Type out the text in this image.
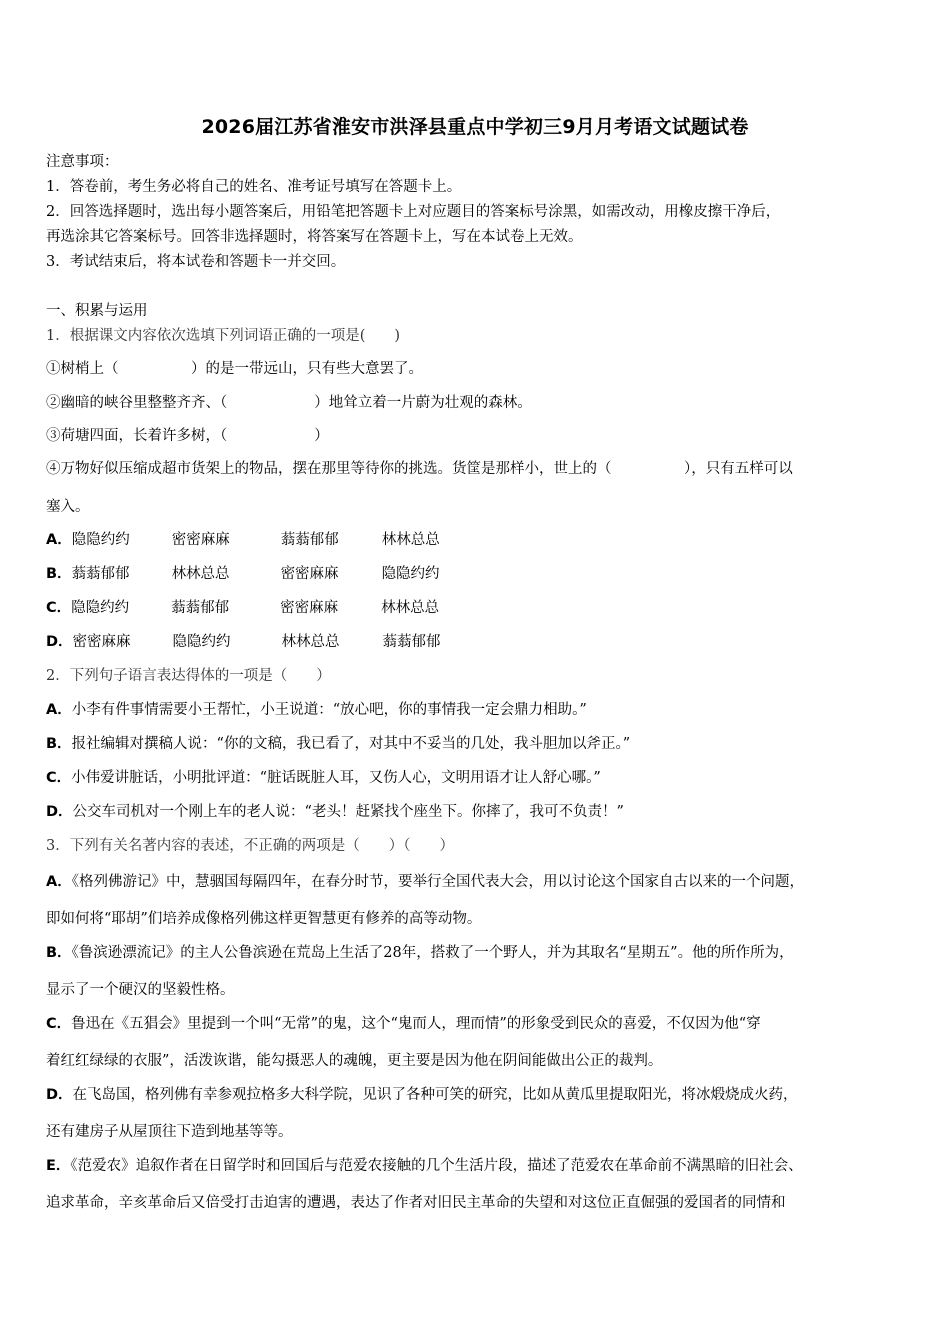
2026届江苏省淮安市洪泽县重点中学初三9月月考语文试题试卷
注意事项：
1．答卷前，考生务必将自己的姓名、准考证号填写在答题卡上。
2．回答选择题时，选出每小题答案后，用铅笔把答题卡上对应题目的答案标号涂黑，如需改动，用橡皮擦干净后，
再选涂其它答案标号。回答非选择题时，将答案写在答题卡上，写在本试卷上无效。
3．考试结束后，将本试卷和答题卡一并交回。
一、积累与运用
1．根据课文内容依次选填下列词语正确的一项是(　　)
①树梢上（　　　　　）的是一带远山，只有些大意罢了。
②幽暗的峡谷里整整齐齐、（　　　　　　）地耸立着一片蔚为壮观的森林。
③荷塘四面，长着许多树，（　　　　　　）
④万物好似压缩成超市货架上的物品，摆在那里等待你的挑选。货筐是那样小，世上的（　　　　　），只有五样可以
塞入。
A．隐隐约约	密密麻麻	蓊蓊郁郁	林林总总
B．蓊蓊郁郁	林林总总	密密麻麻	隐隐约约
C．隐隐约约	蓊蓊郁郁	密密麻麻	林林总总
D．密密麻麻	隐隐约约	林林总总	蓊蓊郁郁
2．下列句子语言表达得体的一项是（　　）
A．小李有件事情需要小王帮忙，小王说道：“放心吧，你的事情我一定会鼎力相助。”
B．报社编辑对撰稿人说：“你的文稿，我已看了，对其中不妥当的几处，我斗胆加以斧正。”
C．小伟爱讲脏话，小明批评道：“脏话既脏人耳，又伤人心，文明用语才让人舒心哪。”
D．公交车司机对一个刚上车的老人说：“老头！赶紧找个座坐下。你摔了，我可不负责！”
3．下列有关名著内容的表述，不正确的两项是（　　）（　　）
A．《格列佛游记》中，慧骃国每隔四年，在春分时节，要举行全国代表大会，用以讨论这个国家自古以来的一个问题，
即如何将“耶胡”们培养成像格列佛这样更智慧更有修养的高等动物。
B．《鲁滨逊漂流记》的主人公鲁滨逊在荒岛上生活了28年，搭救了一个野人，并为其取名“星期五”。他的所作所为，
显示了一个硬汉的坚毅性格。
C．鲁迅在《五猖会》里提到一个叫“无常”的鬼，这个“鬼而人，理而情”的形象受到民众的喜爱，不仅因为他“穿
着红红绿绿的衣服”，活泼诙谐，能勾摄恶人的魂魄，更主要是因为他在阴间能做出公正的裁判。
D．在飞岛国，格列佛有幸参观拉格多大科学院，见识了各种可笑的研究，比如从黄瓜里提取阳光，将冰煅烧成火药，
还有建房子从屋顶往下造到地基等等。
E．《范爱农》追叙作者在日留学时和回国后与范爱农接触的几个生活片段，描述了范爱农在革命前不满黑暗的旧社会、
追求革命，辛亥革命后又倍受打击迫害的遭遇，表达了作者对旧民主革命的失望和对这位正直倔强的爱国者的同情和
